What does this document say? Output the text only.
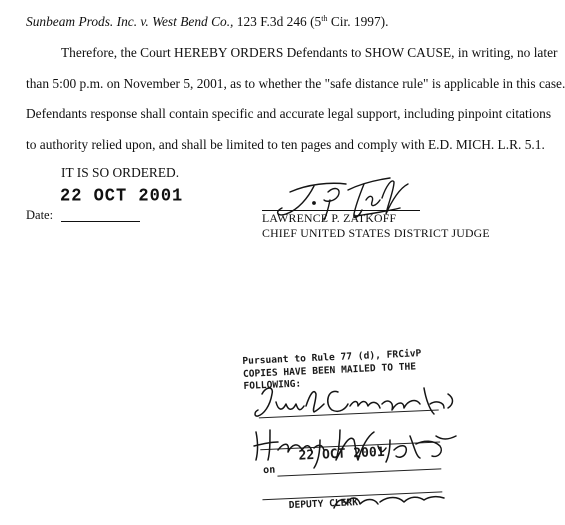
Sunbeam Prods. Inc. v. West Bend Co., 123 F.3d 246 (5th Cir. 1997).
Therefore, the Court HEREBY ORDERS Defendants to SHOW CAUSE, in writing, no later
than 5:00 p.m. on November 5, 2001, as to whether the "safe distance rule" is applicable in this case.
Defendants response shall contain specific and accurate legal support, including pinpoint citations
to authority relied upon, and shall be limited to ten pages and comply with E.D. MICH. L.R. 5.1.
IT IS SO ORDERED.
22 OCT 2001
Date:	LAWRENCE P. ZATKOFF
CHIEF UNITED STATES DISTRICT JUDGE
Pursuant to Rule 77 (d), FRCivP
COPIES HAVE BEEN MAILED TO THE
FOLLOWING:
on
22 OCT 2001
DEPUTY CLERK
